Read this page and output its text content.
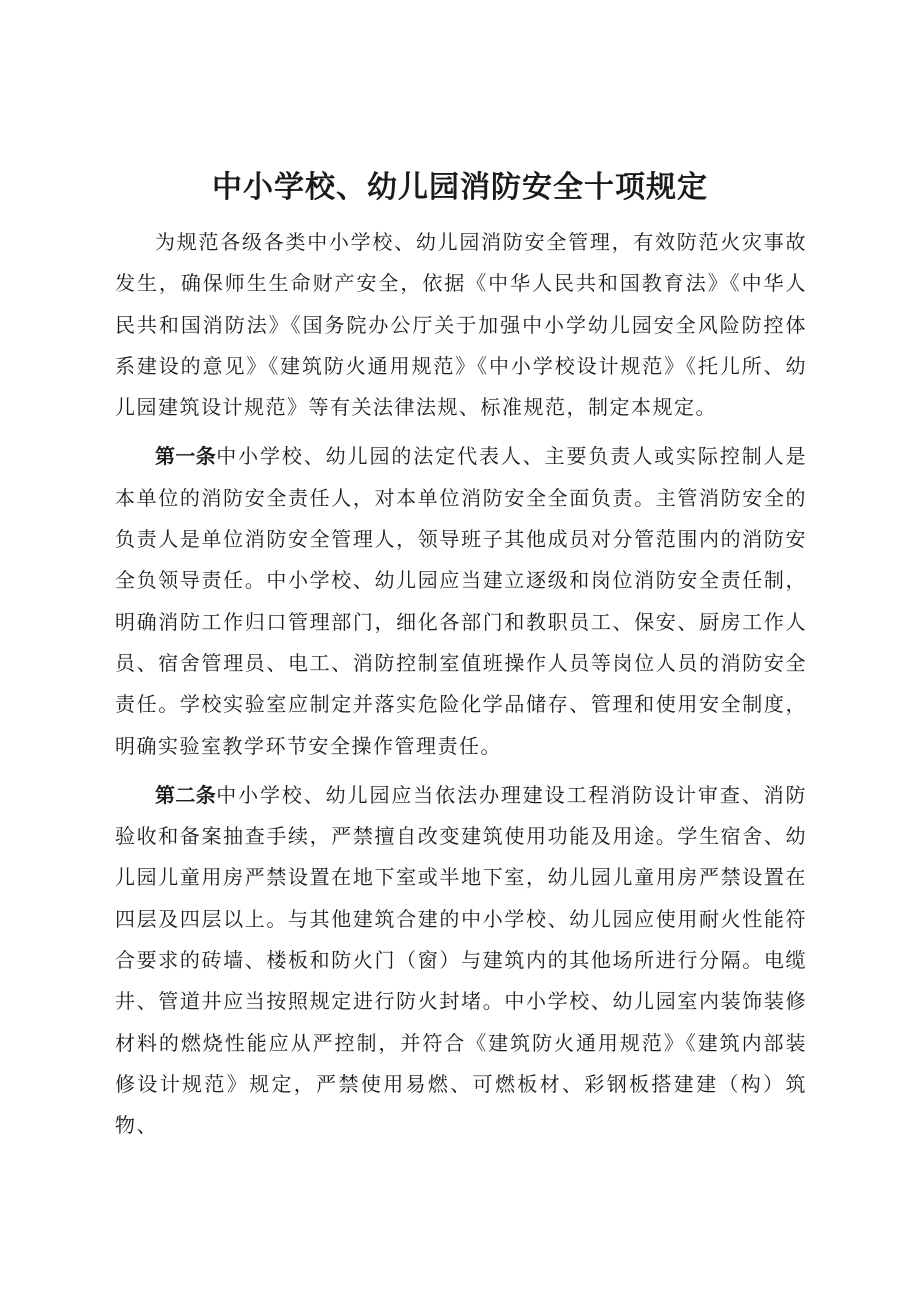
中小学校、幼儿园消防安全十项规定

为规范各级各类中小学校、幼儿园消防安全管理，有效防范火灾事故发生，确保师生生命财产安全，依据《中华人民共和国教育法》《中华人民共和国消防法》《国务院办公厅关于加强中小学幼儿园安全风险防控体系建设的意见》《建筑防火通用规范》《中小学校设计规范》《托儿所、幼儿园建筑设计规范》等有关法律法规、标准规范，制定本规定。

第一条中小学校、幼儿园的法定代表人、主要负责人或实际控制人是本单位的消防安全责任人，对本单位消防安全全面负责。主管消防安全的负责人是单位消防安全管理人，领导班子其他成员对分管范围内的消防安全负领导责任。中小学校、幼儿园应当建立逐级和岗位消防安全责任制，明确消防工作归口管理部门，细化各部门和教职员工、保安、厨房工作人员、宿舍管理员、电工、消防控制室值班操作人员等岗位人员的消防安全责任。学校实验室应制定并落实危险化学品储存、管理和使用安全制度，明确实验室教学环节安全操作管理责任。

第二条中小学校、幼儿园应当依法办理建设工程消防设计审查、消防验收和备案抽查手续，严禁擅自改变建筑使用功能及用途。学生宿舍、幼儿园儿童用房严禁设置在地下室或半地下室，幼儿园儿童用房严禁设置在四层及四层以上。与其他建筑合建的中小学校、幼儿园应使用耐火性能符合要求的砖墙、楼板和防火门（窗）与建筑内的其他场所进行分隔。电缆井、管道井应当按照规定进行防火封堵。中小学校、幼儿园室内装饰装修材料的燃烧性能应从严控制，并符合《建筑防火通用规范》《建筑内部装修设计规范》规定，严禁使用易燃、可燃板材、彩钢板搭建建（构）筑物、
